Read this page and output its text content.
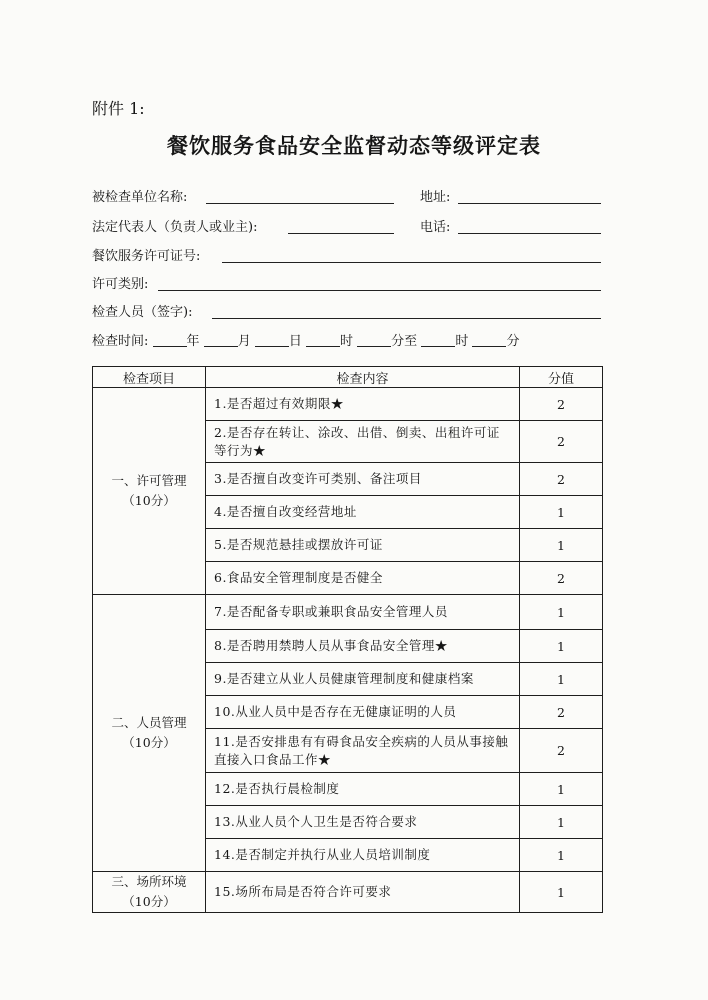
附件 1:
餐饮服务食品安全监督动态等级评定表
被检查单位名称:	地址:
法定代表人（负责人或业主):	电话:
餐饮服务许可证号:
许可类别:
检查人员（签字):
检查时间:	年	月	日	时	分至	时	分
检查项目	检查内容	分值

一、许可管理
（10分）	1.是否超过有效期限★	2
	2.是否存在转让、涂改、出借、倒卖、出租许可证等行为★	2
	3.是否擅自改变许可类别、备注项目	2
	4.是否擅自改变经营地址	1
	5.是否规范悬挂或摆放许可证	1
	6.食品安全管理制度是否健全	2

二、人员管理
（10分）	7.是否配备专职或兼职食品安全管理人员	1
	8.是否聘用禁聘人员从事食品安全管理★	1
	9.是否建立从业人员健康管理制度和健康档案	1
	10.从业人员中是否存在无健康证明的人员	2
	11.是否安排患有有碍食品安全疾病的人员从事接触直接入口食品工作★	2
	12.是否执行晨检制度	1
	13.从业人员个人卫生是否符合要求	1
	14.是否制定并执行从业人员培训制度	1

三、场所环境
（10分）	15.场所布局是否符合许可要求	1
